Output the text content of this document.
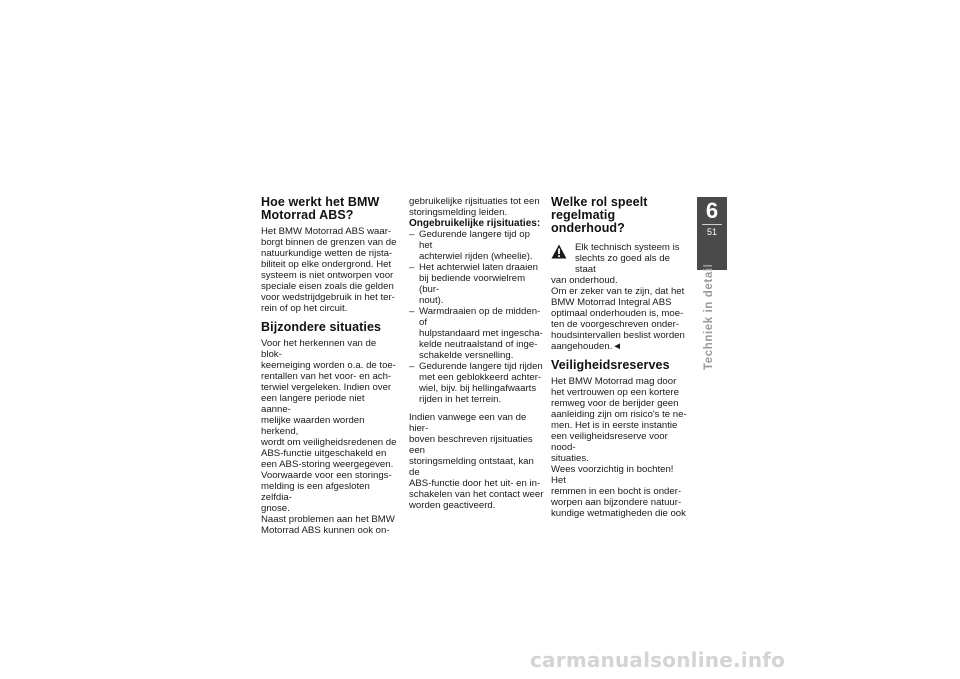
Hoe werkt het BMW
Motorrad ABS?

Het BMW Motorrad ABS waar-
borgt binnen de grenzen van de
natuurkundige wetten de rijsta-
biliteit op elke ondergrond. Het
systeem is niet ontworpen voor
speciale eisen zoals die gelden
voor wedstrijdgebruik in het ter-
rein of op het circuit.

Bijzondere situaties

Voor het herkennen van de blok-
keerneiging worden o.a. de toe-
rentallen van het voor- en ach-
terwiel vergeleken. Indien over
een langere periode niet aanne-
melijke waarden worden herkend,
wordt om veiligheidsredenen de
ABS-functie uitgeschakeld en
een ABS-storing weergegeven.
Voorwaarde voor een storings-
melding is een afgesloten zelfdia-
gnose.
Naast problemen aan het BMW
Motorrad ABS kunnen ook on-

gebruikelijke rijsituaties tot een
storingsmelding leiden.

Ongebruikelijke rijsituaties:
– Gedurende langere tijd op het
achterwiel rijden (wheelie).
– Het achterwiel laten draaien
bij bediende voorwielrem (bur-
nout).
– Warmdraaien op de midden- of
hulpstandaard met ingescha-
kelde neutraalstand of inge-
schakelde versnelling.
– Gedurende langere tijd rijden
met een geblokkeerd achter-
wiel, bijv. bij hellingafwaarts
rijden in het terrein.

Indien vanwege een van de hier-
boven beschreven rijsituaties een
storingsmelding ontstaat, kan de
ABS-functie door het uit- en in-
schakelen van het contact weer
worden geactiveerd.

Welke rol speelt
regelmatig onderhoud?

Elk technisch systeem is
slechts zo goed als de staat

van onderhoud.
Om er zeker van te zijn, dat het
BMW Motorrad Integral ABS
optimaal onderhouden is, moe-
ten de voorgeschreven onder-
houdsintervallen beslist worden
aangehouden.◄

Veiligheidsreserves

Het BMW Motorrad mag door
het vertrouwen op een kortere
remweg voor de berijder geen
aanleiding zijn om risico's te ne-
men. Het is in eerste instantie
een veiligheidsreserve voor nood-
situaties.
Wees voorzichtig in bochten! Het
remmen in een bocht is onder-
worpen aan bijzondere natuur-
kundige wetmatigheden die ook

6
51
Techniek in detail
carmanualsonline.info
